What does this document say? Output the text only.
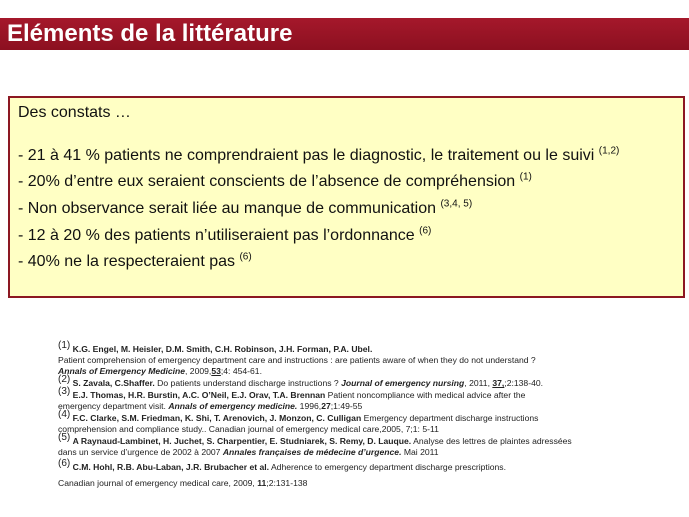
Eléments de la littérature
Des constats …
- 21 à 41 % patients ne comprendraient pas le diagnostic, le traitement ou le suivi $^{(1,2)}$
- 20% d’entre eux seraient conscients de l’absence de compréhension $^{(1)}$
- Non observance serait liée au manque de communication $^{(3,4, 5)}$
- 12 à 20 % des patients n’utiliseraient pas l’ordonnance $^{(6)}$
- 40% ne la respecteraient pas $^{(6)}$
$^{(1)}$ K.G. Engel, M. Heisler, D.M. Smith, C.H. Robinson, J.H. Forman, P.A. Ubel.
Patient comprehension of emergency department care and instructions : are patients aware of when they do not understand ?
Annals of Emergency Medicine, 2009,53;4: 454-61.
$^{(2)}$ S. Zavala, C.Shaffer. Do patients understand discharge instructions ? Journal of emergency nursing, 2011, 37,;2:138-40.
$^{(3)}$ E.J. Thomas, H.R. Burstin, A.C. O’Neil, E.J. Orav, T.A. Brennan Patient noncompliance with medical advice after the
emergency department visit. Annals of emergency medicine. 1996,27;1:49-55
$^{(4)}$ F.C. Clarke, S.M. Friedman, K. Shi, T. Arenovich, J. Monzon, C. Culligan Emergency department discharge instructions
comprehension and compliance study.. Canadian journal of emergency medical care,2005, 7;1: 5-11
$^{(5)}$ A Raynaud-Lambinet, H. Juchet, S. Charpentier, E. Studniarek, S. Remy, D. Lauque. Analyse des lettres de plaintes adressées
dans un service d’urgence de 2002 à 2007 Annales françaises de médecine d’urgence. Mai 2011
$^{(6)}$ C.M. Hohl, R.B. Abu-Laban, J.R. Brubacher et al. Adherence to emergency department discharge prescriptions.
Canadian journal of emergency medical care, 2009, 11;2:131-138
